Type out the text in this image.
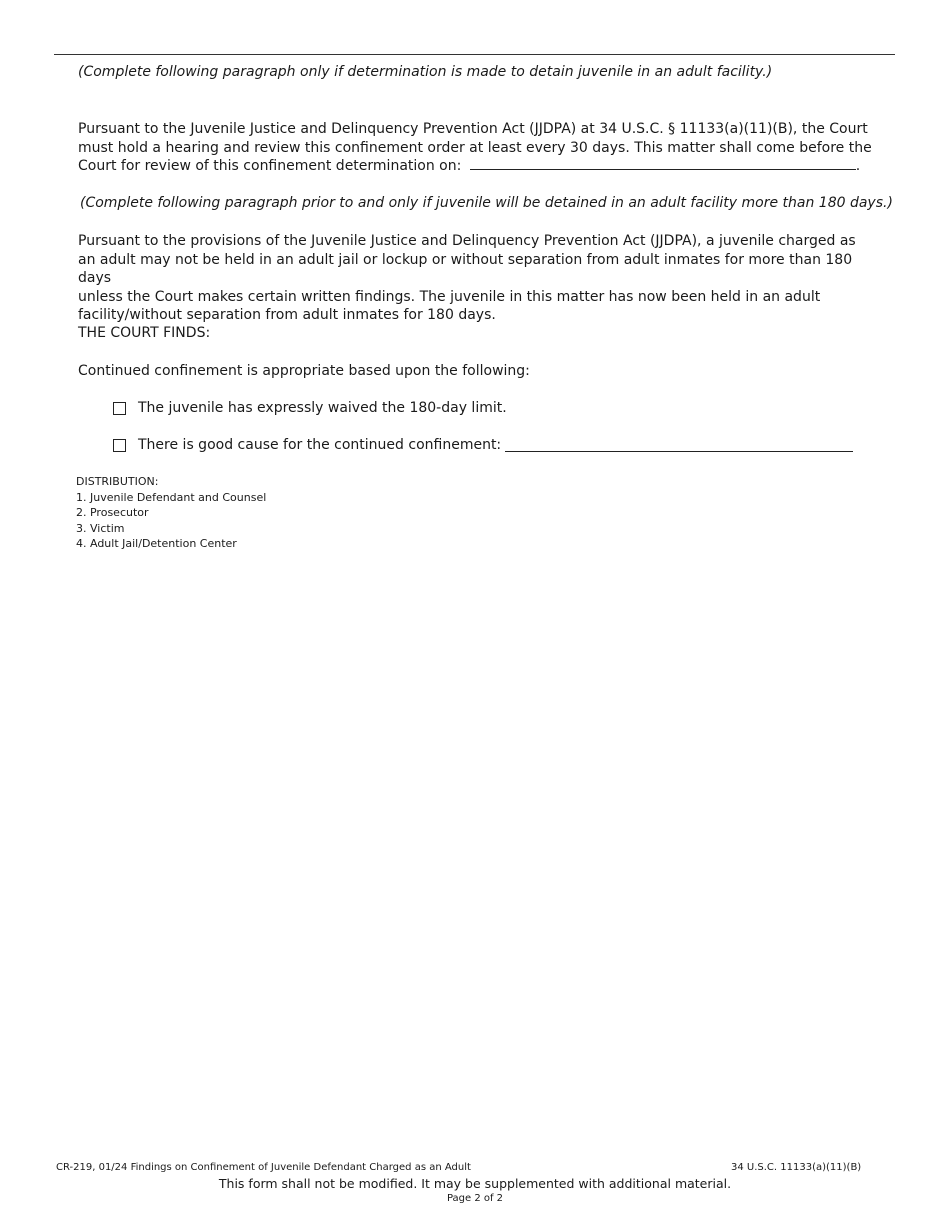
(Complete following paragraph only if determination is made to detain juvenile in an adult facility.)

Pursuant to the Juvenile Justice and Delinquency Prevention Act (JJDPA) at 34 U.S.C. § 11133(a)(11)(B), the Court
must hold a hearing and review this confinement order at least every 30 days. This matter shall come before the
Court for review of this confinement determination on:	.

(Complete following paragraph prior to and only if juvenile will be detained in an adult facility more than 180 days.)

Pursuant to the provisions of the Juvenile Justice and Delinquency Prevention Act (JJDPA), a juvenile charged as
an adult may not be held in an adult jail or lockup or without separation from adult inmates for more than 180 days
unless the Court makes certain written findings. The juvenile in this matter has now been held in an adult
facility/without separation from adult inmates for 180 days.

THE COURT FINDS:

Continued confinement is appropriate based upon the following:

The juvenile has expressly waived the 180-day limit.
There is good cause for the continued confinement:
DISTRIBUTION:
1. Juvenile Defendant and Counsel
2. Prosecutor
3. Victim
4. Adult Jail/Detention Center
CR-219, 01/24 Findings on Confinement of Juvenile Defendant Charged as an Adult	34 U.S.C. 11133(a)(11)(B)
This form shall not be modified. It may be supplemented with additional material.
Page 2 of 2
